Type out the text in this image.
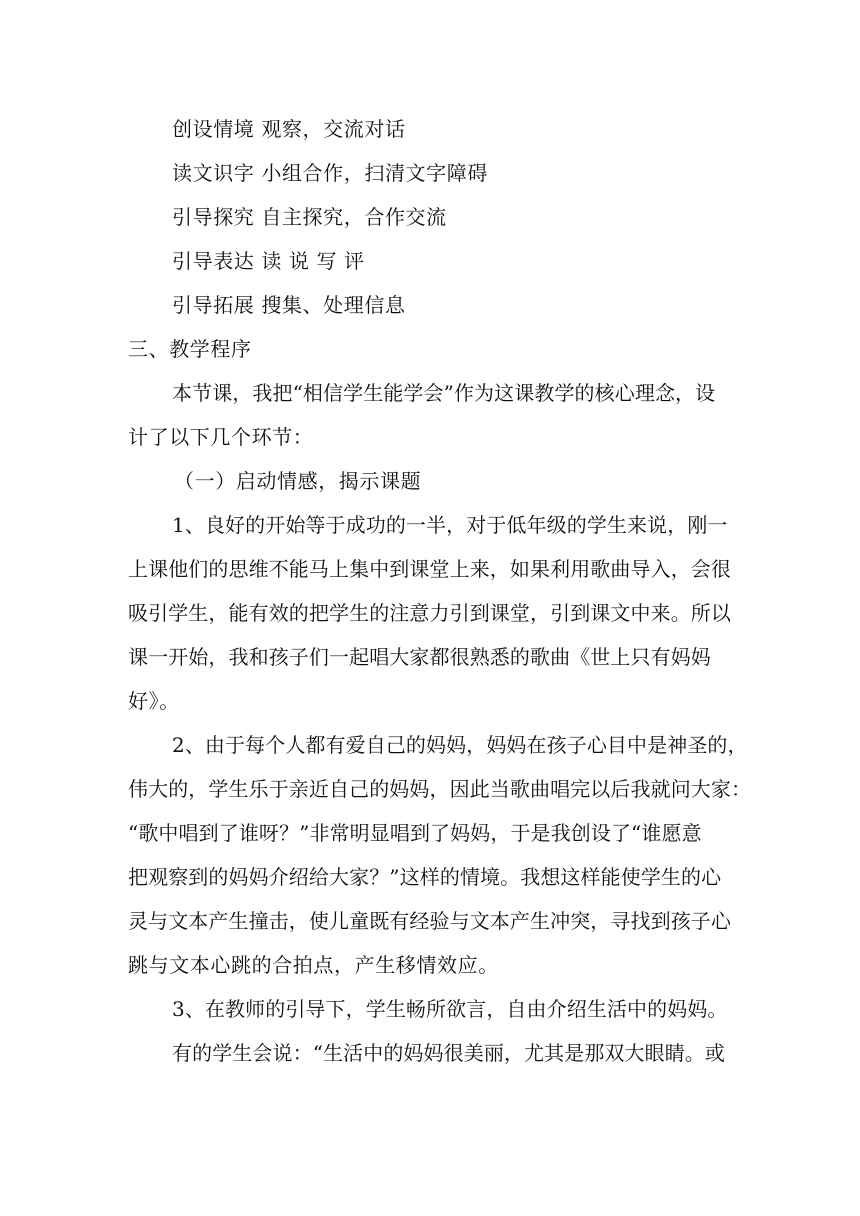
创设情境 观察，交流对话
读文识字 小组合作，扫清文字障碍
引导探究 自主探究，合作交流
引导表达 读 说 写 评
引导拓展 搜集、处理信息
三、教学程序
本节课，我把“相信学生能学会”作为这课教学的核心理念，设
计了以下几个环节：
（一）启动情感，揭示课题
1、良好的开始等于成功的一半，对于低年级的学生来说，刚一
上课他们的思维不能马上集中到课堂上来，如果利用歌曲导入，会很
吸引学生，能有效的把学生的注意力引到课堂，引到课文中来。所以
课一开始，我和孩子们一起唱大家都很熟悉的歌曲《世上只有妈妈
好》。
2、由于每个人都有爱自己的妈妈，妈妈在孩子心目中是神圣的，
伟大的，学生乐于亲近自己的妈妈，因此当歌曲唱完以后我就问大家：
“歌中唱到了谁呀？”非常明显唱到了妈妈，于是我创设了“谁愿意
把观察到的妈妈介绍给大家？”这样的情境。我想这样能使学生的心
灵与文本产生撞击，使儿童既有经验与文本产生冲突，寻找到孩子心
跳与文本心跳的合拍点，产生移情效应。
3、在教师的引导下，学生畅所欲言，自由介绍生活中的妈妈。
有的学生会说：“生活中的妈妈很美丽，尤其是那双大眼睛。或
